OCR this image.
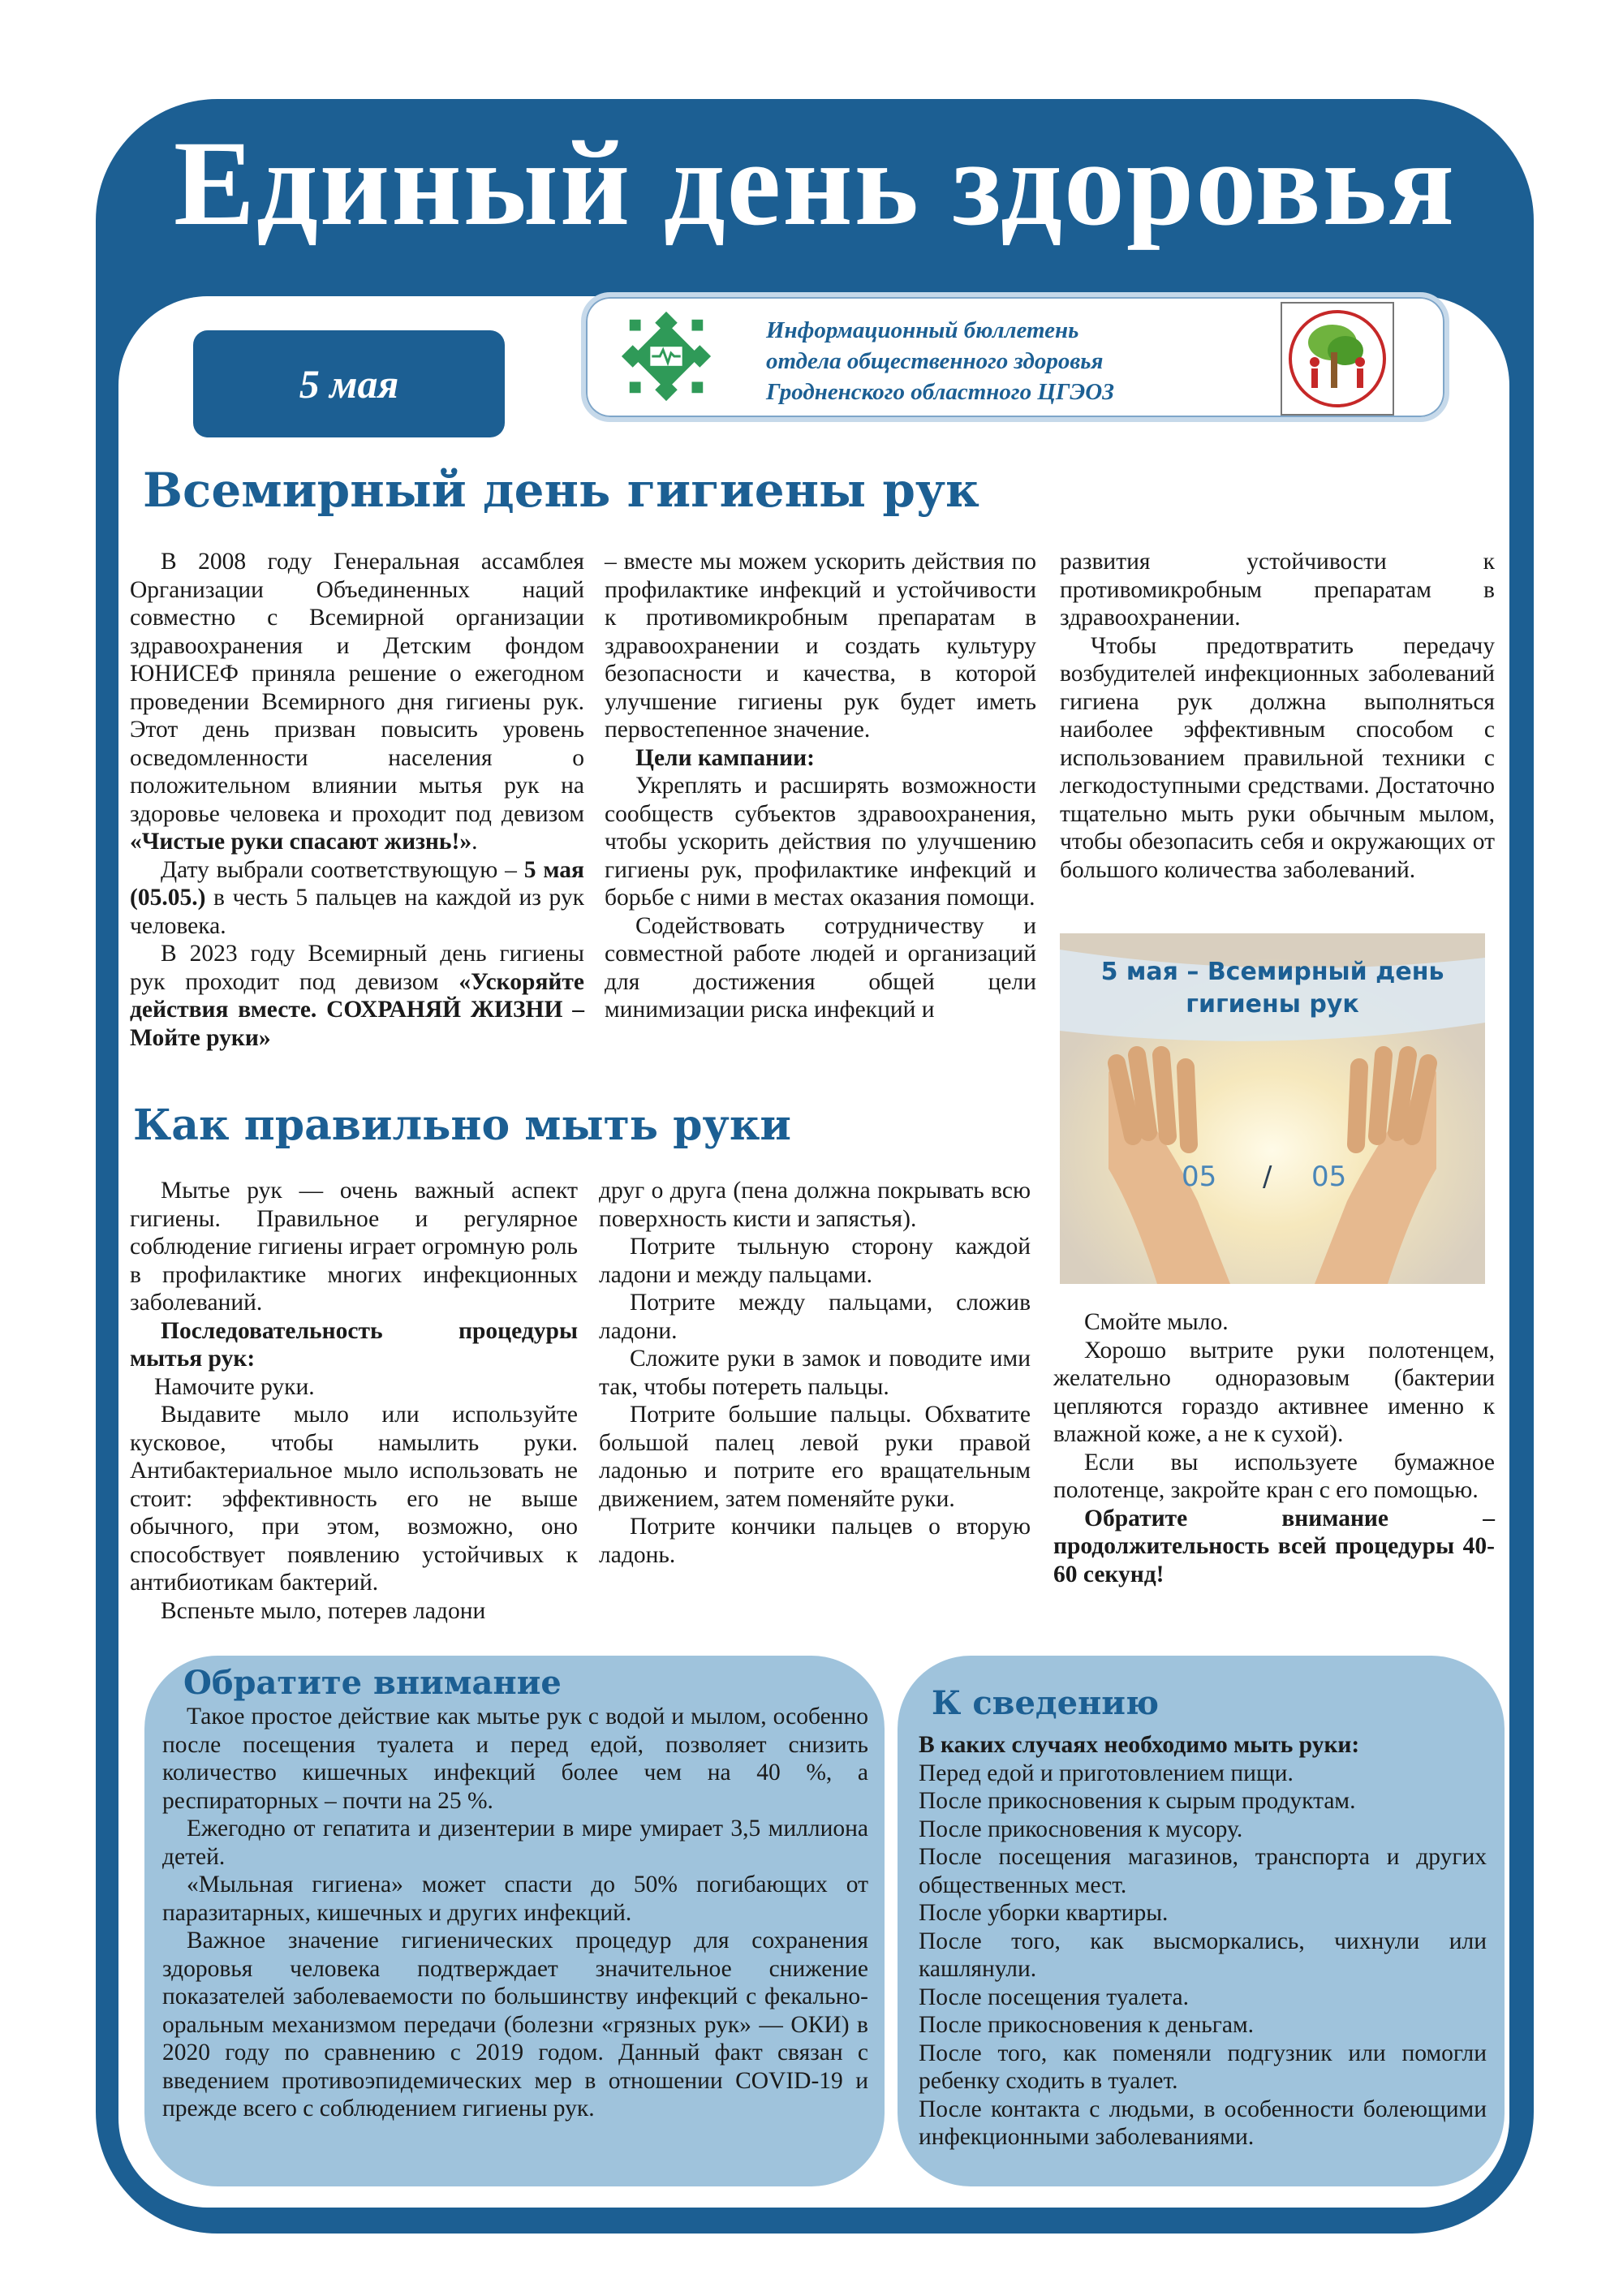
Единый день здоровья
5 мая
Информационный бюллетень
отдела общественного здоровья
Гродненского областного ЦГЭОЗ
Всемирный день гигиены рук

В 2008 году Генеральная ассамблея Организации Объединенных наций совместно с Всемирной организации здравоохранения и Детским фондом ЮНИСЕФ приняла решение о ежегодном проведении Всемирного дня гигиены рук. Этот день призван повысить уровень осведомленности населения о положительном влиянии мытья рук на здоровье человека и проходит под девизом «Чистые руки спасают жизнь!».

Дату выбрали соответствующую – 5 мая (05.05.) в честь 5 пальцев на каждой из рук человека.

В 2023 году Всемирный день гигиены рук проходит под девизом «Ускоряйте действия вместе. СОХРАНЯЙ ЖИЗНИ – Мойте руки»

– вместе мы можем ускорить действия по профилактике инфекций и устойчивости к противомикробным препаратам в здравоохранении и создать культуру безопасности и качества, в которой улучшение гигиены рук будет иметь первостепенное значение.

Цели кампании:

Укреплять и расширять возможности сообществ субъектов здравоохранения, чтобы ускорить действия по улучшению гигиены рук, профилактике инфекций и борьбе с ними в местах оказания помощи.

Содействовать сотрудничеству и совместной работе людей и организаций для достижения общей цели минимизации риска инфекций и

развития устойчивости к противомикробным препаратам в здравоохранении.

Чтобы предотвратить передачу возбудителей инфекционных заболеваний гигиена рук должна выполняться наиболее эффективным способом с использованием правильной техники с легкодоступными средствами. Достаточно тщательно мыть руки обычным мылом, чтобы обезопасить себя и окружающих от большого количества заболеваний.

5 мая – Всемирный день
гигиены рук
05 / 05
Как правильно мыть руки

Мытье рук — очень важный аспект гигиены. Правильное и регулярное соблюдение гигиены играет огромную роль в профилактике многих инфекционных заболеваний.

Последовательность процедуры мытья рук:

Намочите руки.

Выдавите мыло или используйте кусковое, чтобы намылить руки. Антибактериальное мыло использовать не стоит: эффективность его не выше обычного, при этом, возможно, оно способствует появлению устойчивых к антибиотикам бактерий.

Вспеньте мыло, потерев ладони

друг о друга (пена должна покрывать всю поверхность кисти и запястья).

Потрите тыльную сторону каждой ладони и между пальцами.

Потрите между пальцами, сложив ладони.

Сложите руки в замок и поводите ими так, чтобы потереть пальцы.

Потрите большие пальцы. Обхватите большой палец левой руки правой ладонью и потрите его вращательным движением, затем поменяйте руки.

Потрите кончики пальцев о вторую ладонь.

Смойте мыло.

Хорошо вытрите руки полотенцем, желательно одноразовым (бактерии цепляются гораздо активнее именно к влажной коже, а не к сухой).

Если вы используете бумажное полотенце, закройте кран с его помощью.

Обратите внимание – продолжительность всей процедуры 40-60 секунд!

Обратите внимание

Такое простое действие как мытье рук с водой и мылом, особенно после посещения туалета и перед едой, позволяет снизить количество кишечных инфекций более чем на 40 %, а респираторных – почти на 25 %.

Ежегодно от гепатита и дизентерии в мире умирает 3,5 миллиона детей.

«Мыльная гигиена» может спасти до 50% погибающих от паразитарных, кишечных и других инфекций.

Важное значение гигиенических процедур для сохранения здоровья человека подтверждает значительное снижение показателей заболеваемости по большинству инфекций с фекально-оральным механизмом передачи (болезни «грязных рук» — ОКИ) в 2020 году по сравнению с 2019 годом. Данный факт связан с введением противоэпидемических мер в отношении COVID-19 и прежде всего с соблюдением гигиены рук.

К сведению

В каких случаях необходимо мыть руки:

Перед едой и приготовлением пищи.

После прикосновения к сырым продуктам.

После прикосновения к мусору.

После посещения магазинов, транспорта и других общественных мест.

После уборки квартиры.

После того, как высморкались, чихнули или кашлянули.

После посещения туалета.

После прикосновения к деньгам.

После того, как поменяли подгузник или помогли ребенку сходить в туалет.

После контакта с людьми, в особенности болеющими инфекционными заболеваниями.
